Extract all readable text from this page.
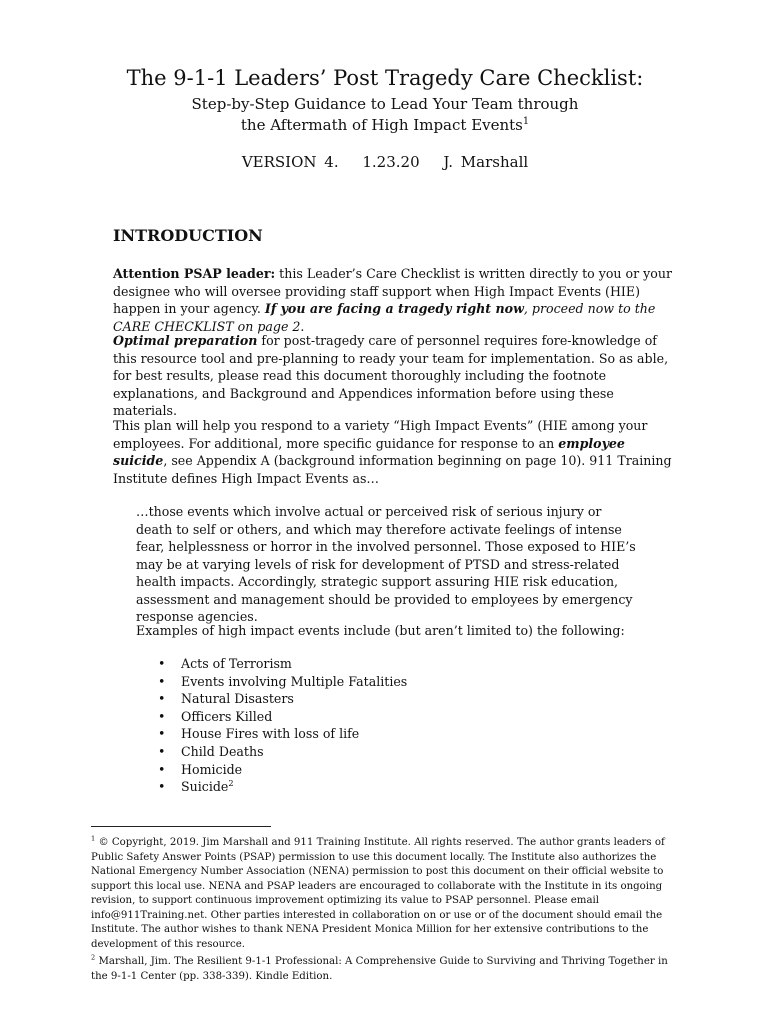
The 9-1-1 Leaders’ Post Tragedy Care Checklist:
Step-by-Step Guidance to Lead Your Team through
the Aftermath of High Impact Events$^1$
VERSION 4. 1.23.20 J. Marshall
INTRODUCTION
Attention PSAP leader: this Leader’s Care Checklist is written directly to you or your designee who will oversee providing staff support when High Impact Events (HIE) happen in your agency. If you are facing a tragedy right now, proceed now to the CARE CHECKLIST on page 2.
Optimal preparation for post-tragedy care of personnel requires fore-knowledge of this resource tool and pre-planning to ready your team for implementation. So as able, for best results, please read this document thoroughly including the footnote explanations, and Background and Appendices information before using these materials.
This plan will help you respond to a variety “High Impact Events” (HIE among your employees. For additional, more specific guidance for response to an employee suicide, see Appendix A (background information beginning on page 10). 911 Training Institute defines High Impact Events as…
…those events which involve actual or perceived risk of serious injury or death to self or others, and which may therefore activate feelings of intense fear, helplessness or horror in the involved personnel. Those exposed to HIE’s may be at varying levels of risk for development of PTSD and stress-related health impacts. Accordingly, strategic support assuring HIE risk education, assessment and management should be provided to employees by emergency response agencies.
Examples of high impact events include (but aren’t limited to) the following:
• Acts of Terrorism
• Events involving Multiple Fatalities
• Natural Disasters
• Officers Killed
• House Fires with loss of life
• Child Deaths
• Homicide
• Suicide$^2$
$^1$ © Copyright, 2019. Jim Marshall and 911 Training Institute. All rights reserved. The author grants leaders of Public Safety Answer Points (PSAP) permission to use this document locally. The Institute also authorizes the National Emergency Number Association (NENA) permission to post this document on their official website to support this local use. NENA and PSAP leaders are encouraged to collaborate with the Institute in its ongoing revision, to support continuous improvement optimizing its value to PSAP personnel. Please email info@911Training.net. Other parties interested in collaboration on or use or of the document should email the Institute. The author wishes to thank NENA President Monica Million for her extensive contributions to the development of this resource.
$^2$ Marshall, Jim. The Resilient 9-1-1 Professional: A Comprehensive Guide to Surviving and Thriving Together in the 9-1-1 Center (pp. 338-339). Kindle Edition.
